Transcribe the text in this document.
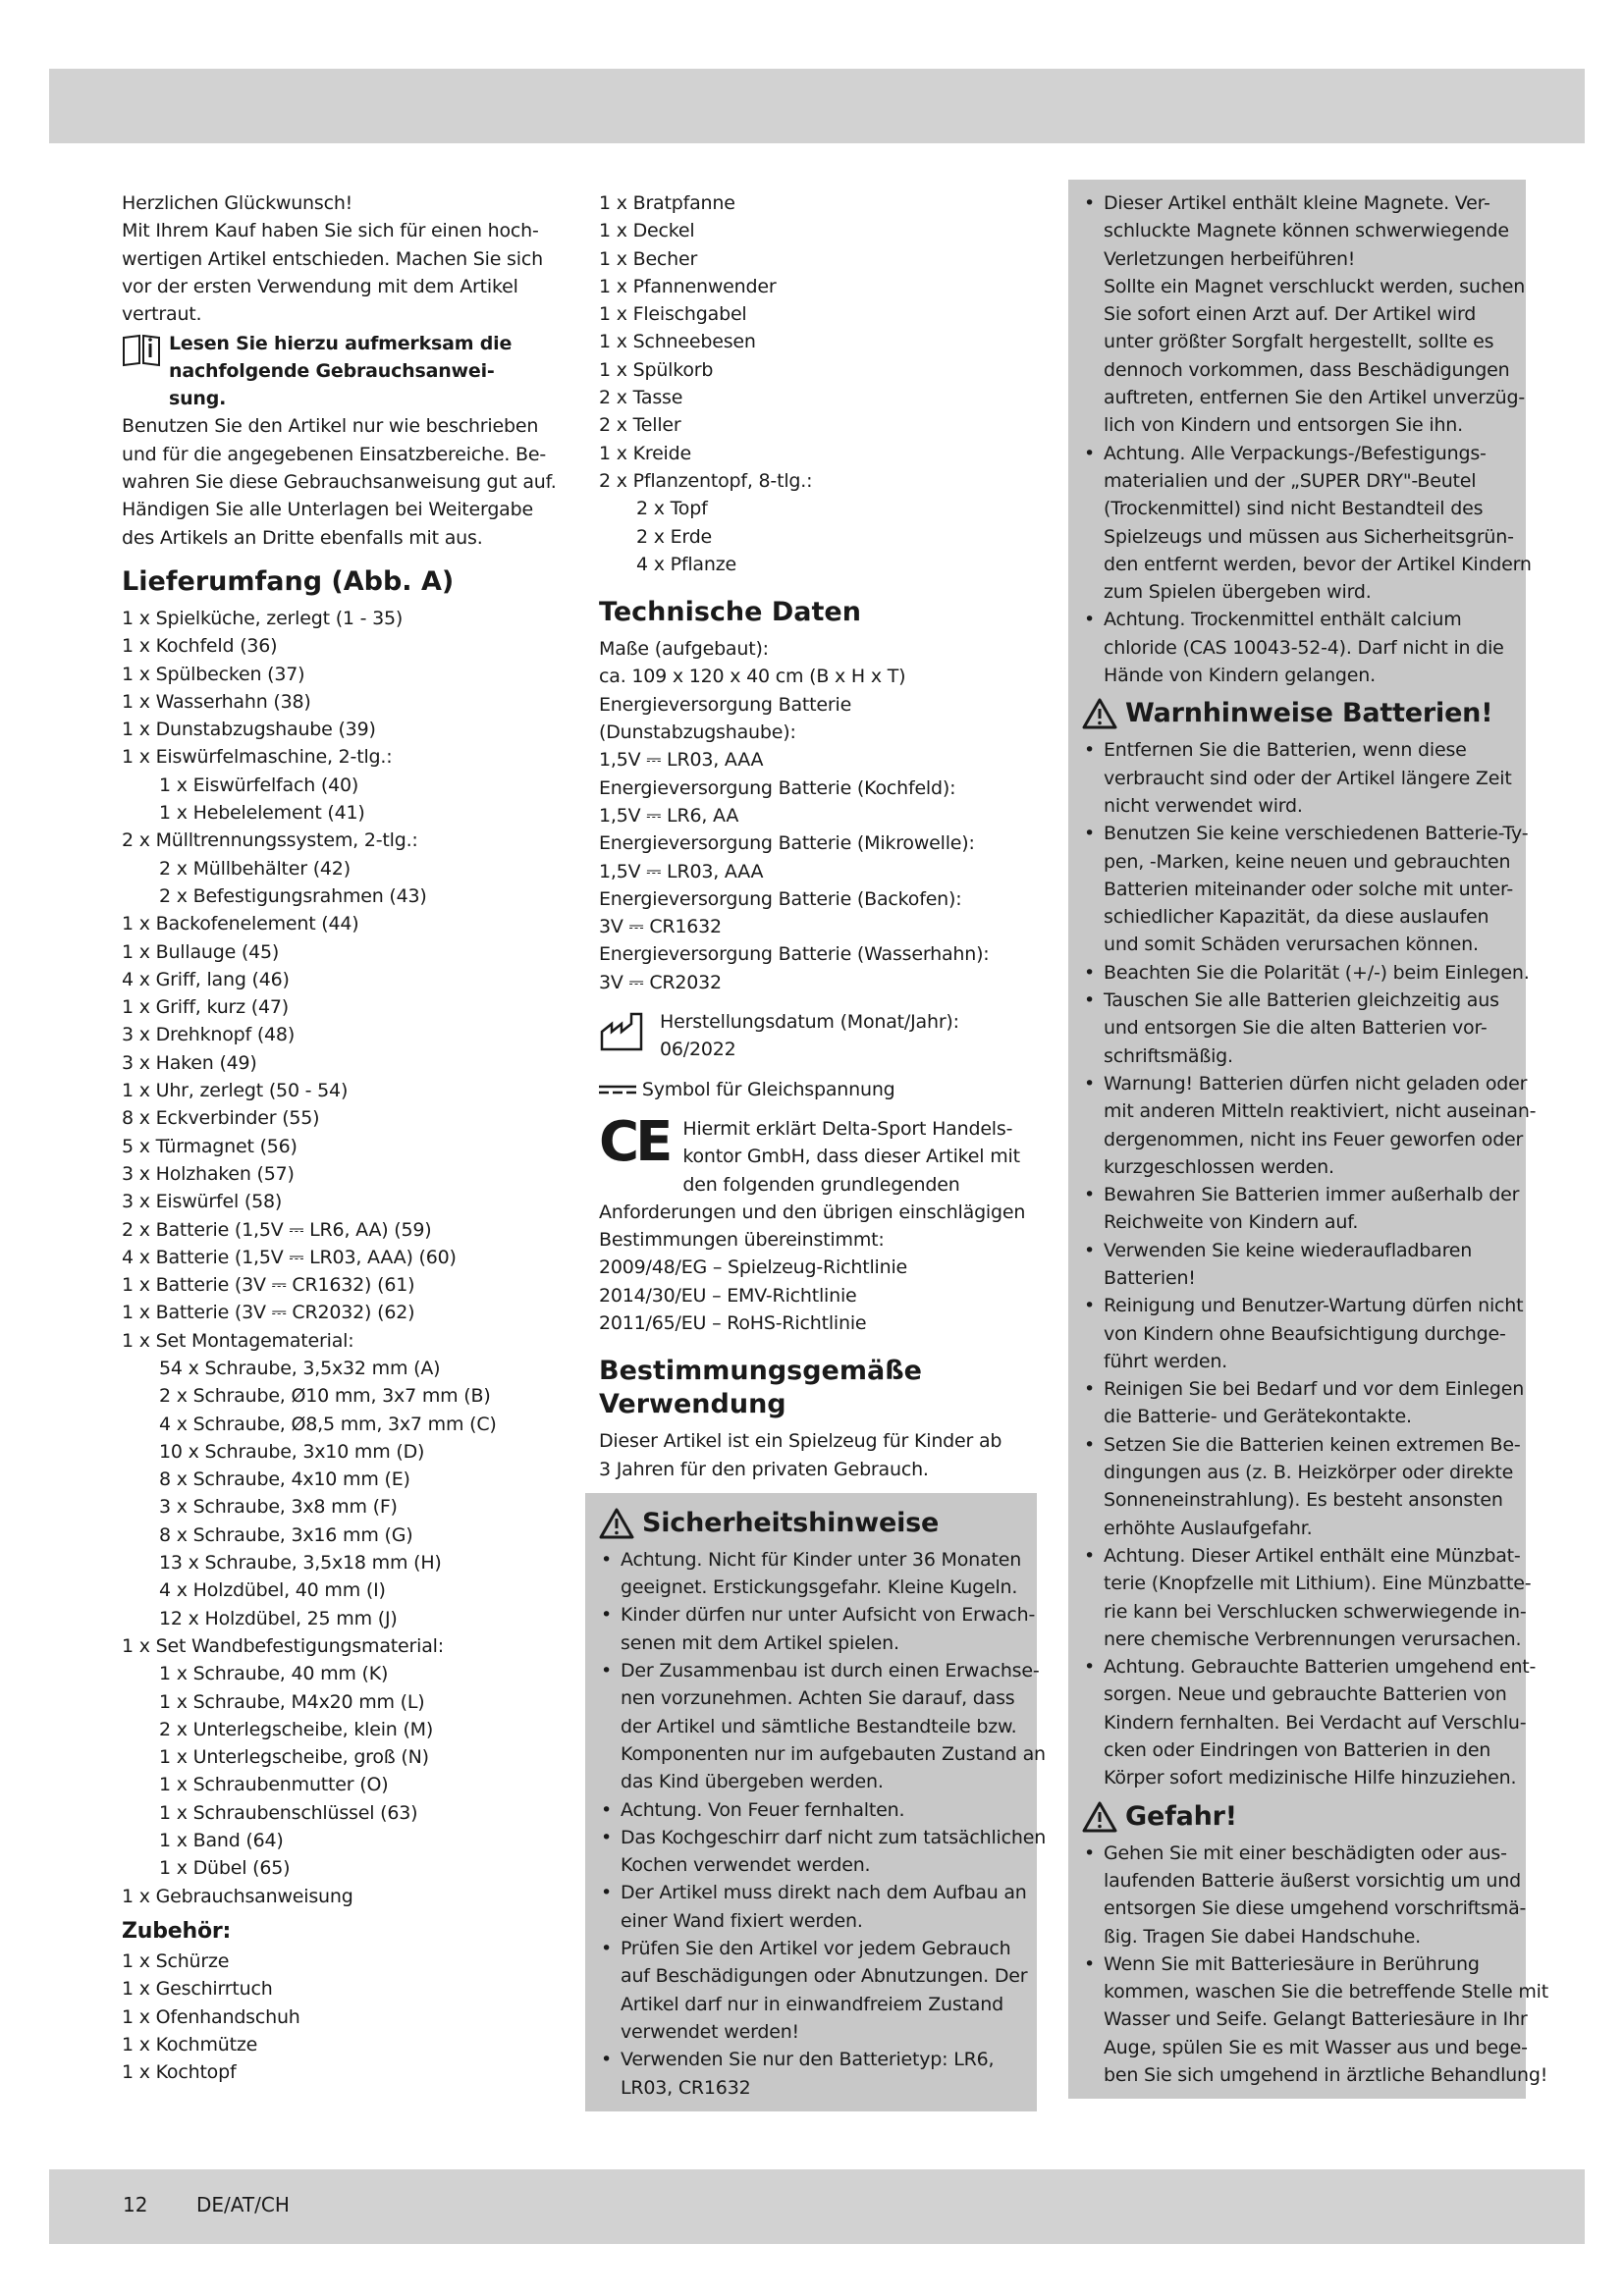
Herzlichen Glückwunsch!
Mit Ihrem Kauf haben Sie sich für einen hoch-
wertigen Artikel entschieden. Machen Sie sich
vor der ersten Verwendung mit dem Artikel
vertraut.
Lesen Sie hierzu aufmerksam die
nachfolgende Gebrauchsanwei-
sung.
Benutzen Sie den Artikel nur wie beschrieben
und für die angegebenen Einsatzbereiche. Be-
wahren Sie diese Gebrauchsanweisung gut auf.
Händigen Sie alle Unterlagen bei Weitergabe
des Artikels an Dritte ebenfalls mit aus.
Lieferumfang (Abb. A)
1 x Spielküche, zerlegt (1 - 35)
1 x Kochfeld (36)
1 x Spülbecken (37)
1 x Wasserhahn (38)
1 x Dunstabzugshaube (39)
1 x Eiswürfelmaschine, 2-tlg.:
1 x Eiswürfelfach (40)
1 x Hebelelement (41)
2 x Mülltrennungssystem, 2-tlg.:
2 x Müllbehälter (42)
2 x Befestigungsrahmen (43)
1 x Backofenelement (44)
1 x Bullauge (45)
4 x Griff, lang (46)
1 x Griff, kurz (47)
3 x Drehknopf (48)
3 x Haken (49)
1 x Uhr, zerlegt (50 - 54)
8 x Eckverbinder (55)
5 x Türmagnet (56)
3 x Holzhaken (57)
3 x Eiswürfel (58)
2 x Batterie (1,5V ⎓ LR6, AA) (59)
4 x Batterie (1,5V ⎓ LR03, AAA) (60)
1 x Batterie (3V ⎓ CR1632) (61)
1 x Batterie (3V ⎓ CR2032) (62)
1 x Set Montagematerial:
54 x Schraube, 3,5x32 mm (A)
2 x Schraube, Ø10 mm, 3x7 mm (B)
4 x Schraube, Ø8,5 mm, 3x7 mm (C)
10 x Schraube, 3x10 mm (D)
8 x Schraube, 4x10 mm (E)
3 x Schraube, 3x8 mm (F)
8 x Schraube, 3x16 mm (G)
13 x Schraube, 3,5x18 mm (H)
4 x Holzdübel, 40 mm (I)
12 x Holzdübel, 25 mm (J)
1 x Set Wandbefestigungsmaterial:
1 x Schraube, 40 mm (K)
1 x Schraube, M4x20 mm (L)
2 x Unterlegscheibe, klein (M)
1 x Unterlegscheibe, groß (N)
1 x Schraubenmutter (O)
1 x Schraubenschlüssel (63)
1 x Band (64)
1 x Dübel (65)
1 x Gebrauchsanweisung
Zubehör:
1 x Schürze
1 x Geschirrtuch
1 x Ofenhandschuh
1 x Kochmütze
1 x Kochtopf
1 x Bratpfanne
1 x Deckel
1 x Becher
1 x Pfannenwender
1 x Fleischgabel
1 x Schneebesen
1 x Spülkorb
2 x Tasse
2 x Teller
1 x Kreide
2 x Pflanzentopf, 8-tlg.:
2 x Topf
2 x Erde
4 x Pflanze
Technische Daten
Maße (aufgebaut):
ca. 109 x 120 x 40 cm (B x H x T)
Energieversorgung Batterie
(Dunstabzugshaube):
1,5V ⎓ LR03, AAA
Energieversorgung Batterie (Kochfeld):
1,5V ⎓ LR6, AA
Energieversorgung Batterie (Mikrowelle):
1,5V ⎓ LR03, AAA
Energieversorgung Batterie (Backofen):
3V ⎓ CR1632
Energieversorgung Batterie (Wasserhahn):
3V ⎓ CR2032
Herstellungsdatum (Monat/Jahr):
06/2022
Symbol für Gleichspannung
CE Hiermit erklärt Delta-Sport Handels-
kontor GmbH, dass dieser Artikel mit
den folgenden grundlegenden
Anforderungen und den übrigen einschlägigen
Bestimmungen übereinstimmt:
2009/48/EG – Spielzeug-Richtlinie
2014/30/EU – EMV-Richtlinie
2011/65/EU – RoHS-Richtlinie
Bestimmungsgemäße
Verwendung
Dieser Artikel ist ein Spielzeug für Kinder ab
3 Jahren für den privaten Gebrauch.
Sicherheitshinweise
• Achtung. Nicht für Kinder unter 36 Monaten
geeignet. Erstickungsgefahr. Kleine Kugeln.
• Kinder dürfen nur unter Aufsicht von Erwach-
senen mit dem Artikel spielen.
• Der Zusammenbau ist durch einen Erwachse-
nen vorzunehmen. Achten Sie darauf, dass
der Artikel und sämtliche Bestandteile bzw.
Komponenten nur im aufgebauten Zustand an
das Kind übergeben werden.
• Achtung. Von Feuer fernhalten.
• Das Kochgeschirr darf nicht zum tatsächlichen
Kochen verwendet werden.
• Der Artikel muss direkt nach dem Aufbau an
einer Wand fixiert werden.
• Prüfen Sie den Artikel vor jedem Gebrauch
auf Beschädigungen oder Abnutzungen. Der
Artikel darf nur in einwandfreiem Zustand
verwendet werden!
• Verwenden Sie nur den Batterietyp: LR6,
LR03, CR1632
• Dieser Artikel enthält kleine Magnete. Ver-
schluckte Magnete können schwerwiegende
Verletzungen herbeiführen!
Sollte ein Magnet verschluckt werden, suchen
Sie sofort einen Arzt auf. Der Artikel wird
unter größter Sorgfalt hergestellt, sollte es
dennoch vorkommen, dass Beschädigungen
auftreten, entfernen Sie den Artikel unverzüg-
lich von Kindern und entsorgen Sie ihn.
• Achtung. Alle Verpackungs-/Befestigungs-
materialien und der „SUPER DRY"-Beutel
(Trockenmittel) sind nicht Bestandteil des
Spielzeugs und müssen aus Sicherheitsgrün-
den entfernt werden, bevor der Artikel Kindern
zum Spielen übergeben wird.
• Achtung. Trockenmittel enthält calcium
chloride (CAS 10043-52-4). Darf nicht in die
Hände von Kindern gelangen.
Warnhinweise Batterien!
• Entfernen Sie die Batterien, wenn diese
verbraucht sind oder der Artikel längere Zeit
nicht verwendet wird.
• Benutzen Sie keine verschiedenen Batterie-Ty-
pen, -Marken, keine neuen und gebrauchten
Batterien miteinander oder solche mit unter-
schiedlicher Kapazität, da diese auslaufen
und somit Schäden verursachen können.
• Beachten Sie die Polarität (+/-) beim Einlegen.
• Tauschen Sie alle Batterien gleichzeitig aus
und entsorgen Sie die alten Batterien vor-
schriftsmäßig.
• Warnung! Batterien dürfen nicht geladen oder
mit anderen Mitteln reaktiviert, nicht auseinan-
dergenommen, nicht ins Feuer geworfen oder
kurzgeschlossen werden.
• Bewahren Sie Batterien immer außerhalb der
Reichweite von Kindern auf.
• Verwenden Sie keine wiederaufladbaren
Batterien!
• Reinigung und Benutzer-Wartung dürfen nicht
von Kindern ohne Beaufsichtigung durchge-
führt werden.
• Reinigen Sie bei Bedarf und vor dem Einlegen
die Batterie- und Gerätekontakte.
• Setzen Sie die Batterien keinen extremen Be-
dingungen aus (z. B. Heizkörper oder direkte
Sonneneinstrahlung). Es besteht ansonsten
erhöhte Auslaufgefahr.
• Achtung. Dieser Artikel enthält eine Münzbat-
terie (Knopfzelle mit Lithium). Eine Münzbatte-
rie kann bei Verschlucken schwerwiegende in-
nere chemische Verbrennungen verursachen.
• Achtung. Gebrauchte Batterien umgehend ent-
sorgen. Neue und gebrauchte Batterien von
Kindern fernhalten. Bei Verdacht auf Verschlu-
cken oder Eindringen von Batterien in den
Körper sofort medizinische Hilfe hinzuziehen.
Gefahr!
• Gehen Sie mit einer beschädigten oder aus-
laufenden Batterie äußerst vorsichtig um und
entsorgen Sie diese umgehend vorschriftsmä-
ßig. Tragen Sie dabei Handschuhe.
• Wenn Sie mit Batteriesäure in Berührung
kommen, waschen Sie die betreffende Stelle mit
Wasser und Seife. Gelangt Batteriesäure in Ihr
Auge, spülen Sie es mit Wasser aus und bege-
ben Sie sich umgehend in ärztliche Behandlung!
12 DE/AT/CH
